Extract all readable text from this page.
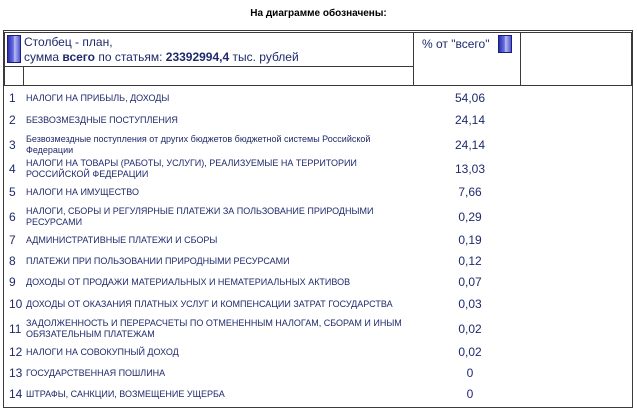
На диаграмме обозначены:
Столбец - план,
сумма всего по статьям: 23392994,4 тыс. рублей
% от "всего"
1 НАЛОГИ НА ПРИБЫЛЬ, ДОХОДЫ	54,06
2 БЕЗВОЗМЕЗДНЫЕ ПОСТУПЛЕНИЯ	24,14
3 Безвозмездные поступления от других бюджетов бюджетной системы Российской Федерации	24,14
4 НАЛОГИ НА ТОВАРЫ (РАБОТЫ, УСЛУГИ), РЕАЛИЗУЕМЫЕ НА ТЕРРИТОРИИ РОССИЙСКОЙ ФЕДЕРАЦИИ	13,03
5 НАЛОГИ НА ИМУЩЕСТВО	7,66
6 НАЛОГИ, СБОРЫ И РЕГУЛЯРНЫЕ ПЛАТЕЖИ ЗА ПОЛЬЗОВАНИЕ ПРИРОДНЫМИ РЕСУРСАМИ	0,29
7 АДМИНИСТРАТИВНЫЕ ПЛАТЕЖИ И СБОРЫ	0,19
8 ПЛАТЕЖИ ПРИ ПОЛЬЗОВАНИИ ПРИРОДНЫМИ РЕСУРСАМИ	0,12
9 ДОХОДЫ ОТ ПРОДАЖИ МАТЕРИАЛЬНЫХ И НЕМАТЕРИАЛЬНЫХ АКТИВОВ	0,07
10 ДОХОДЫ ОТ ОКАЗАНИЯ ПЛАТНЫХ УСЛУГ И КОМПЕНСАЦИИ ЗАТРАТ ГОСУДАРСТВА	0,03
11 ЗАДОЛЖЕННОСТЬ И ПЕРЕРАСЧЕТЫ ПО ОТМЕНЕННЫМ НАЛОГАМ, СБОРАМ И ИНЫМ ОБЯЗАТЕЛЬНЫМ ПЛАТЕЖАМ	0,02
12 НАЛОГИ НА СОВОКУПНЫЙ ДОХОД	0,02
13 ГОСУДАРСТВЕННАЯ ПОШЛИНА	0
14 ШТРАФЫ, САНКЦИИ, ВОЗМЕЩЕНИЕ УЩЕРБА	0
